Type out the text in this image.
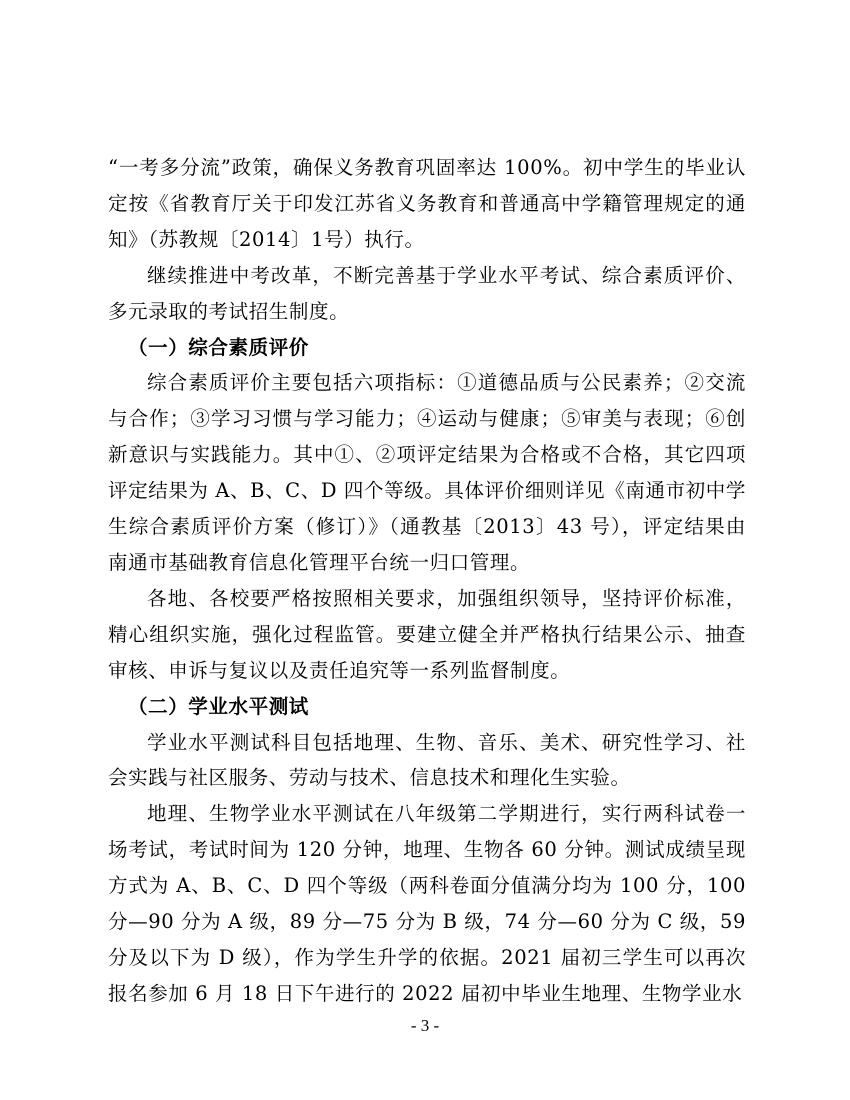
“一考多分流”政策，确保义务教育巩固率达 100%。初中学生的毕业认定按《省教育厅关于印发江苏省义务教育和普通高中学籍管理规定的通知》（苏教规〔2014〕1号）执行。

继续推进中考改革，不断完善基于学业水平考试、综合素质评价、多元录取的考试招生制度。

（一）综合素质评价

综合素质评价主要包括六项指标：①道德品质与公民素养；②交流与合作；③学习习惯与学习能力；④运动与健康；⑤审美与表现；⑥创新意识与实践能力。其中①、②项评定结果为合格或不合格，其它四项评定结果为 A、B、C、D 四个等级。具体评价细则详见《南通市初中学生综合素质评价方案（修订）》（通教基〔2013〕43 号），评定结果由南通市基础教育信息化管理平台统一归口管理。

各地、各校要严格按照相关要求，加强组织领导，坚持评价标准，精心组织实施，强化过程监管。要建立健全并严格执行结果公示、抽查审核、申诉与复议以及责任追究等一系列监督制度。

（二）学业水平测试

学业水平测试科目包括地理、生物、音乐、美术、研究性学习、社会实践与社区服务、劳动与技术、信息技术和理化生实验。

地理、生物学业水平测试在八年级第二学期进行，实行两科试卷一场考试，考试时间为 120 分钟，地理、生物各 60 分钟。测试成绩呈现方式为 A、B、C、D 四个等级（两科卷面分值满分均为 100 分，100 分—90 分为 A 级，89 分—75 分为 B 级，74 分—60 分为 C 级，59 分及以下为 D 级），作为学生升学的依据。2021 届初三学生可以再次报名参加 6 月 18 日下午进行的 2022 届初中毕业生地理、生物学业水

- 3 -
